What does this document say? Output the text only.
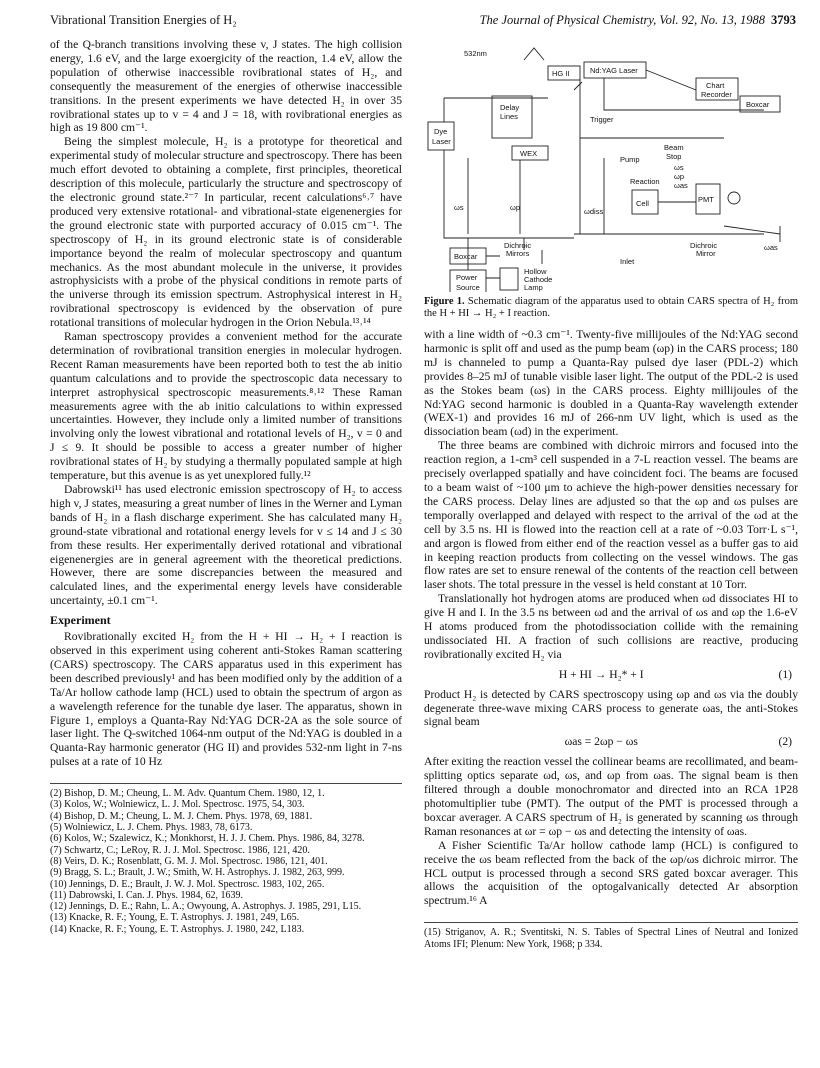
Vibrational Transition Energies of H₂	The Journal of Physical Chemistry, Vol. 92, No. 13, 1988 3793

of the Q-branch transitions involving these v, J states. The high collision energy, 1.6 eV, and the large exoergicity of the reaction, 1.4 eV, allow the population of otherwise inaccessible rovibrational states of H₂, and consequently the measurement of the energies of otherwise inaccessible transitions. In the present experiments we have detected H₂ in over 35 rovibrational states up to v = 4 and J = 18, with rovibrational energies as high as 19 800 cm⁻¹.

Being the simplest molecule, H₂ is a prototype for theoretical and experimental study of molecular structure and spectroscopy. There has been much effort devoted to obtaining a complete, first principles, theoretical description of this molecule, particularly the structure and spectroscopy of the electronic ground state.²⁻⁷ In particular, recent calculations⁶˒⁷ have produced very extensive rotational- and vibrational-state eigenenergies for the ground electronic state with purported accuracy of 0.015 cm⁻¹. The spectroscopy of H₂ in its ground electronic state is of considerable importance beyond the realm of molecular spectroscopy and quantum mechanics. As the most abundant molecule in the universe, it provides astrophysicists with a probe of the physical conditions in remote parts of the universe through its emission spectrum. Astrophysical interest in H₂ rovibrational spectroscopy is evidenced by the observation of pure rotational transitions of molecular hydrogen in the Orion Nebula.¹³˒¹⁴

Raman spectroscopy provides a convenient method for the accurate determination of rovibrational transition energies in molecular hydrogen. Recent Raman measurements have been reported both to test the ab initio quantum calculations and to provide the spectroscopic data necessary to interpret astrophysical spectroscopic measurements.⁸˒¹² These Raman measurements agree with the ab initio calculations to within expressed uncertainties. However, they include only a limited number of transitions involving only the lowest vibrational and rotational levels of H₂, v = 0 and J ≤ 9. It should be possible to access a greater number of higher rovibrational states of H₂ by studying a thermally populated sample at high temperature, but this avenue is as yet unexplored fully.¹²

Dabrowski¹¹ has used electronic emission spectroscopy of H₂ to access high v, J states, measuring a great number of lines in the Werner and Lyman bands of H₂ in a flash discharge experiment. She has calculated many H₂ ground-state vibrational and rotational energy levels for v ≤ 14 and J ≤ 30 from these results. Her experimentally derived rotational and vibrational eigenenergies are in general agreement with the theoretical predictions. However, there are some discrepancies between the measured and calculated lines, and the experimental energy levels have considerable uncertainty, ±0.1 cm⁻¹.

Experiment

Rovibrationally excited H₂ from the H + HI → H₂ + I reaction is observed in this experiment using coherent anti-Stokes Raman scattering (CARS) spectroscopy. The CARS apparatus used in this experiment has been described previously¹ and has been modified only by the addition of a Ta/Ar hollow cathode lamp (HCL) used to obtain the spectrum of argon as a wavelength reference for the tunable dye laser. The apparatus, shown in Figure 1, employs a Quanta-Ray Nd:YAG DCR-2A as the sole source of laser light. The Q-switched 1064-nm output of the Nd:YAG is doubled in a Quanta-Ray harmonic generator (HG II) and provides 532-nm light in 7-ns pulses at a rate of 10 Hz

(2) Bishop, D. M.; Cheung, L. M. Adv. Quantum Chem. 1980, 12, 1.
(3) Kolos, W.; Wolniewicz, L. J. Mol. Spectrosc. 1975, 54, 303.
(4) Bishop, D. M.; Cheung, L. M. J. Chem. Phys. 1978, 69, 1881.
(5) Wolniewicz, L. J. Chem. Phys. 1983, 78, 6173.
(6) Kolos, W.; Szalewicz, K.; Monkhorst, H. J. J. Chem. Phys. 1986, 84, 3278.
(7) Schwartz, C.; LeRoy, R. J. J. Mol. Spectrosc. 1986, 121, 420.
(8) Veirs, D. K.; Rosenblatt, G. M. J. Mol. Spectrosc. 1986, 121, 401.
(9) Bragg, S. L.; Brault, J. W.; Smith, W. H. Astrophys. J. 1982, 263, 999.
(10) Jennings, D. E.; Brault, J. W. J. Mol. Spectrosc. 1983, 102, 265.
(11) Dabrowski, I. Can. J. Phys. 1984, 62, 1639.
(12) Jennings, D. E.; Rahn, L. A.; Owyoung, A. Astrophys. J. 1985, 291, L15.
(13) Knacke, R. F.; Young, E. T. Astrophys. J. 1981, 249, L65.
(14) Knacke, R. F.; Young, E. T. Astrophys. J. 1980, 242, L183.
532nm
HG II	Nd:YAG Laser
Chart
Recorder
Boxcar
Delay
Lines	Trigger
Dye
Laser
WEX
Pump
Beam
Stop
ωs
ωp
ωas
Reaction
Cell	PMT
ωs	ωp	ωdiss
Dichroic
Mirrors
Dichroic
Mirror
ωas
Boxcar
Inlet
Power
Source
Hollow
Cathode
Lamp
Figure 1. Schematic diagram of the apparatus used to obtain CARS spectra of H₂ from the H + HI → H₂ + I reaction.

with a line width of ~0.3 cm⁻¹. Twenty-five millijoules of the Nd:YAG second harmonic is split off and used as the pump beam (ωp) in the CARS process; 180 mJ is channeled to pump a Quanta-Ray pulsed dye laser (PDL-2) which provides 8–25 mJ of tunable visible laser light. The output of the PDL-2 is used as the Stokes beam (ωs) in the CARS process. Eighty millijoules of the Nd:YAG second harmonic is doubled in a Quanta-Ray wavelength extender (WEX-1) and provides 16 mJ of 266-nm UV light, which is used as the dissociation beam (ωd) in the experiment.

The three beams are combined with dichroic mirrors and focused into the reaction region, a 1-cm³ cell suspended in a 7-L reaction vessel. The beams are precisely overlapped spatially and have coincident foci. The beams are focused to a beam waist of ~100 μm to achieve the high-power densities necessary for the CARS process. Delay lines are adjusted so that the ωp and ωs pulses are temporally overlapped and delayed with respect to the arrival of the ωd at the cell by 3.5 ns. HI is flowed into the reaction cell at a rate of ~0.03 Torr·L s⁻¹, and argon is flowed from either end of the reaction vessel as a buffer gas to aid in keeping reaction products from collecting on the vessel windows. The gas flow rates are set to ensure renewal of the contents of the reaction cell between laser shots. The total pressure in the vessel is held constant at 10 Torr.

Translationally hot hydrogen atoms are produced when ωd dissociates HI to give H and I. In the 3.5 ns between ωd and the arrival of ωs and ωp the 1.6-eV H atoms produced from the photodissociation collide with the remaining undissociated HI. A fraction of such collisions are reactive, producing rovibrationally excited H₂ via

H + HI → H₂* + I	(1)

Product H₂ is detected by CARS spectroscopy using ωp and ωs via the doubly degenerate three-wave mixing CARS process to generate ωas, the anti-Stokes signal beam

ωas = 2ωp − ωs	(2)

After exiting the reaction vessel the collinear beams are recollimated, and beam-splitting optics separate ωd, ωs, and ωp from ωas. The signal beam is then filtered through a double monochromator and directed into an RCA 1P28 photomultiplier tube (PMT). The output of the PMT is processed through a boxcar averager. A CARS spectrum of H₂ is generated by scanning ωs through Raman resonances at ωr = ωp − ωs and detecting the intensity of ωas.

A Fisher Scientific Ta/Ar hollow cathode lamp (HCL) is configured to receive the ωs beam reflected from the back of the ωp/ωs dichroic mirror. The HCL output is processed through a second SRS gated boxcar averager. This allows the acquisition of the optogalvanically detected Ar absorption spectrum.¹⁶ A

(15) Striganov, A. R.; Sventitski, N. S. Tables of Spectral Lines of Neutral and Ionized Atoms IFI; Plenum: New York, 1968; p 334.
